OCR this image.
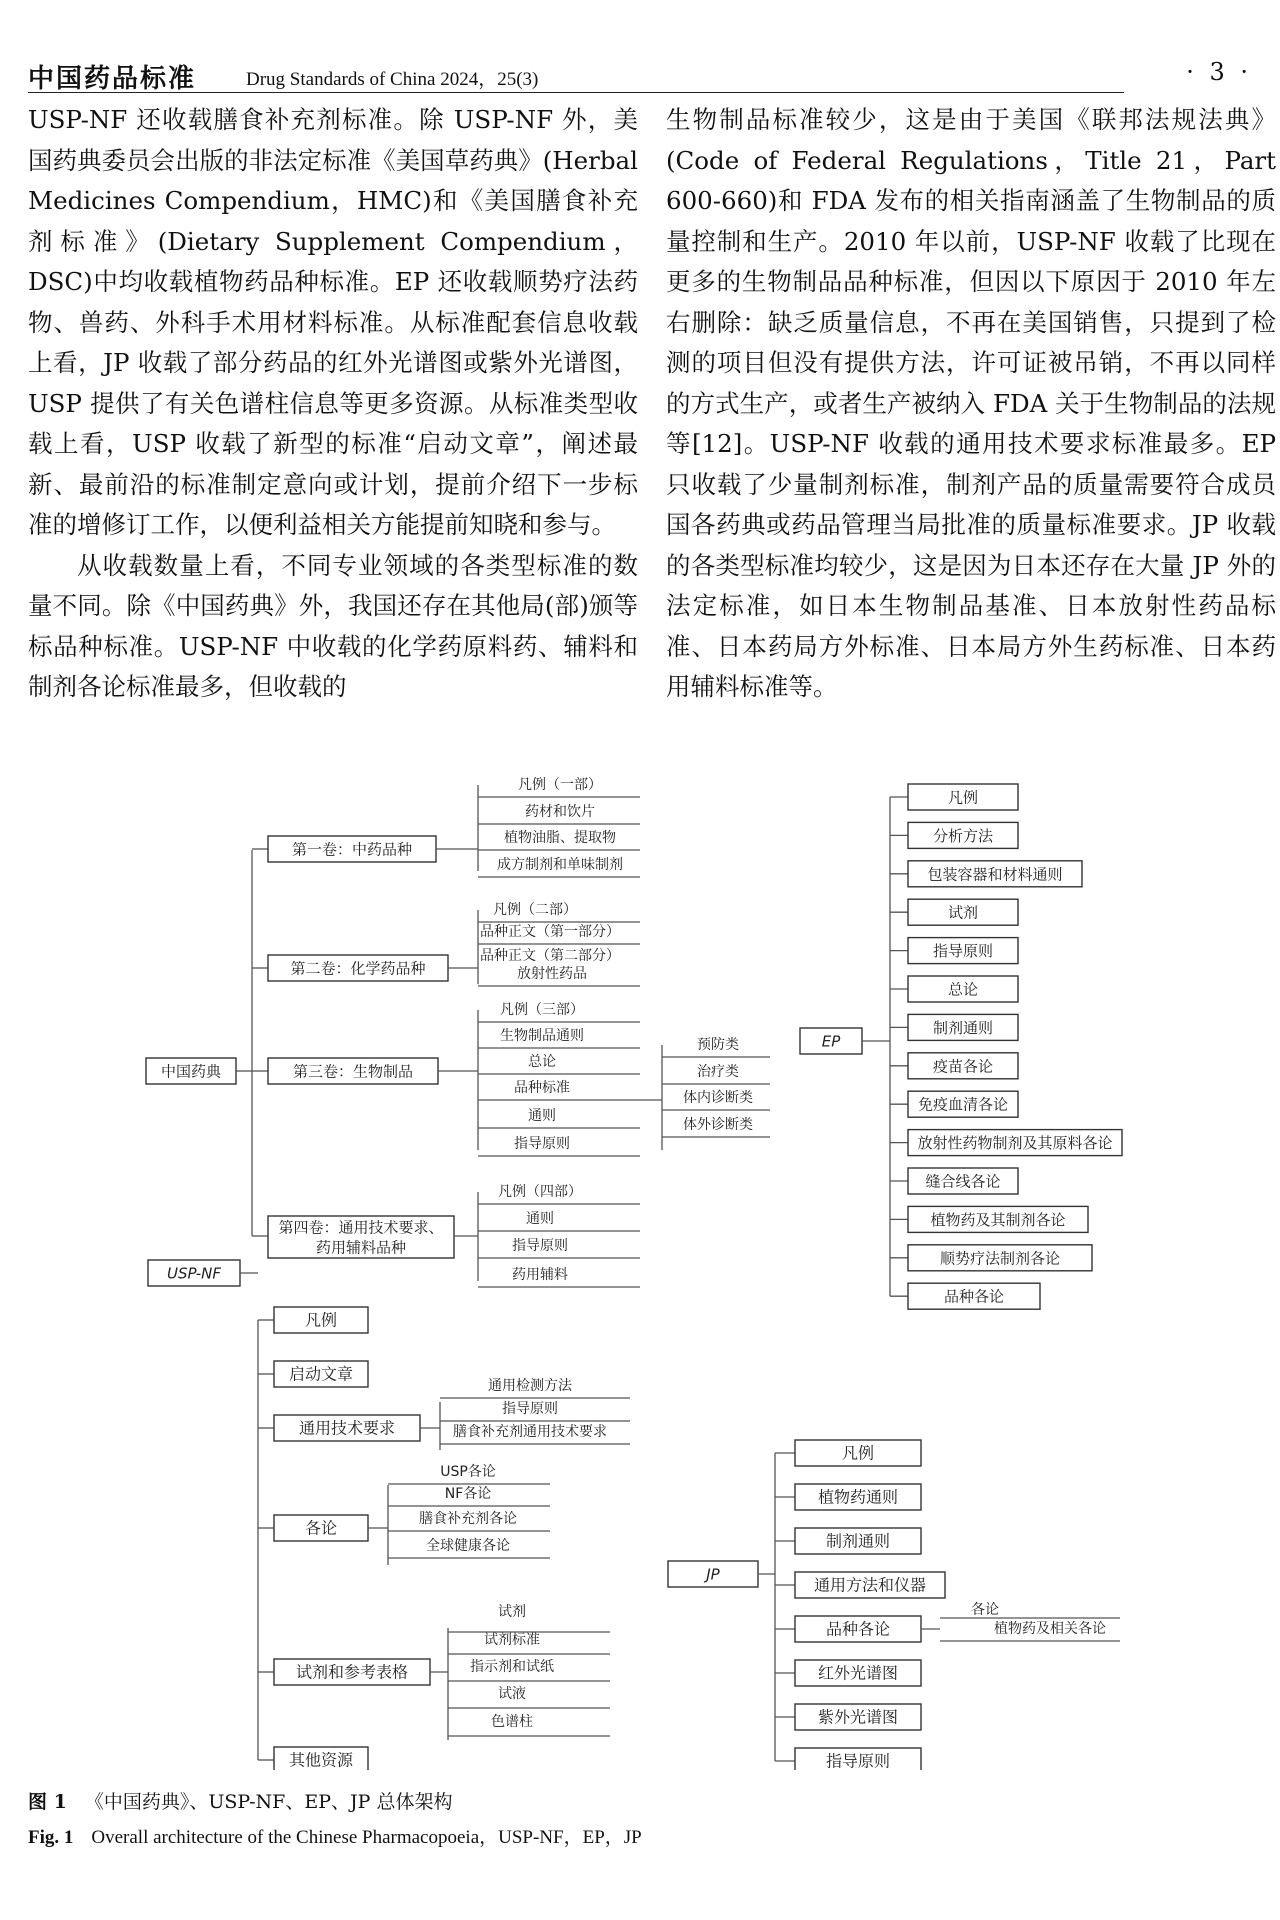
中国药品标准	Drug Standards of China 2024，25(3)	· 3 ·

USP-NF 还收载膳食补充剂标准。除 USP-NF 外，美国药典委员会出版的非法定标准《美国草药典》(Herbal Medicines Compendium，HMC)和《美国膳食补充剂标准》(Dietary Supplement Compendium，DSC)中均收载植物药品种标准。EP 还收载顺势疗法药物、兽药、外科手术用材料标准。从标准配套信息收载上看，JP 收载了部分药品的红外光谱图或紫外光谱图，USP 提供了有关色谱柱信息等更多资源。从标准类型收载上看，USP 收载了新型的标准“启动文章”，阐述最新、最前沿的标准制定意向或计划，提前介绍下一步标准的增修订工作，以便利益相关方能提前知晓和参与。

从收载数量上看，不同专业领域的各类型标准的数量不同。除《中国药典》外，我国还存在其他局(部)颁等标品种标准。USP-NF 中收载的化学药原料药、辅料和制剂各论标准最多，但收载的

生物制品标准较少，这是由于美国《联邦法规法典》(Code of Federal Regulations，Title 21，Part 600-660)和 FDA 发布的相关指南涵盖了生物制品的质量控制和生产。2010 年以前，USP-NF 收载了比现在更多的生物制品品种标准，但因以下原因于 2010 年左右删除：缺乏质量信息，不再在美国销售，只提到了检测的项目但没有提供方法，许可证被吊销，不再以同样的方式生产，或者生产被纳入 FDA 关于生物制品的法规等[12]。USP-NF 收载的通用技术要求标准最多。EP 只收载了少量制剂标准，制剂产品的质量需要符合成员国各药典或药品管理当局批准的质量标准要求。JP 收载的各类型标准均较少，这是因为日本还存在大量 JP 外的法定标准，如日本生物制品基准、日本放射性药品标准、日本药局方外标准、日本局方外生药标准、日本药用辅料标准等。

中国药典
第一卷：中药品种
第二卷：化学药品种
第三卷：生物制品
第四卷：通用技术要求、
药用辅料品种
凡例（一部）
药材和饮片
植物油脂、提取物
成方制剂和单味制剂
凡例（二部）
品种正文（第一部分）
品种正文（第二部分）
放射性药品
凡例（三部）
生物制品通则
总论
品种标准
通则
指导原则
预防类
治疗类
体内诊断类
体外诊断类
凡例（四部）
通则
指导原则
药用辅料
EP
凡例
分析方法
包装容器和材料通则
试剂
指导原则
总论
制剂通则
疫苗各论
免疫血清各论
放射性药物制剂及其原料各论
缝合线各论
植物药及其制剂各论
顺势疗法制剂各论
品种各论
USP-NF
凡例
启动文章
通用技术要求
各论
试剂和参考表格
其他资源
通用检测方法
指导原则
膳食补充剂通用技术要求
USP各论
NF各论
膳食补充剂各论
全球健康各论
试剂
试剂标准
指示剂和试纸
试液
色谱柱
JP
凡例
植物药通则
制剂通则
通用方法和仪器
品种各论
红外光谱图
紫外光谱图
指导原则
各论
植物药及相关各论
图 1 《中国药典》、USP-NF、EP、JP 总体架构
Fig. 1 Overall architecture of the Chinese Pharmacopoeia，USP-NF，EP，JP
